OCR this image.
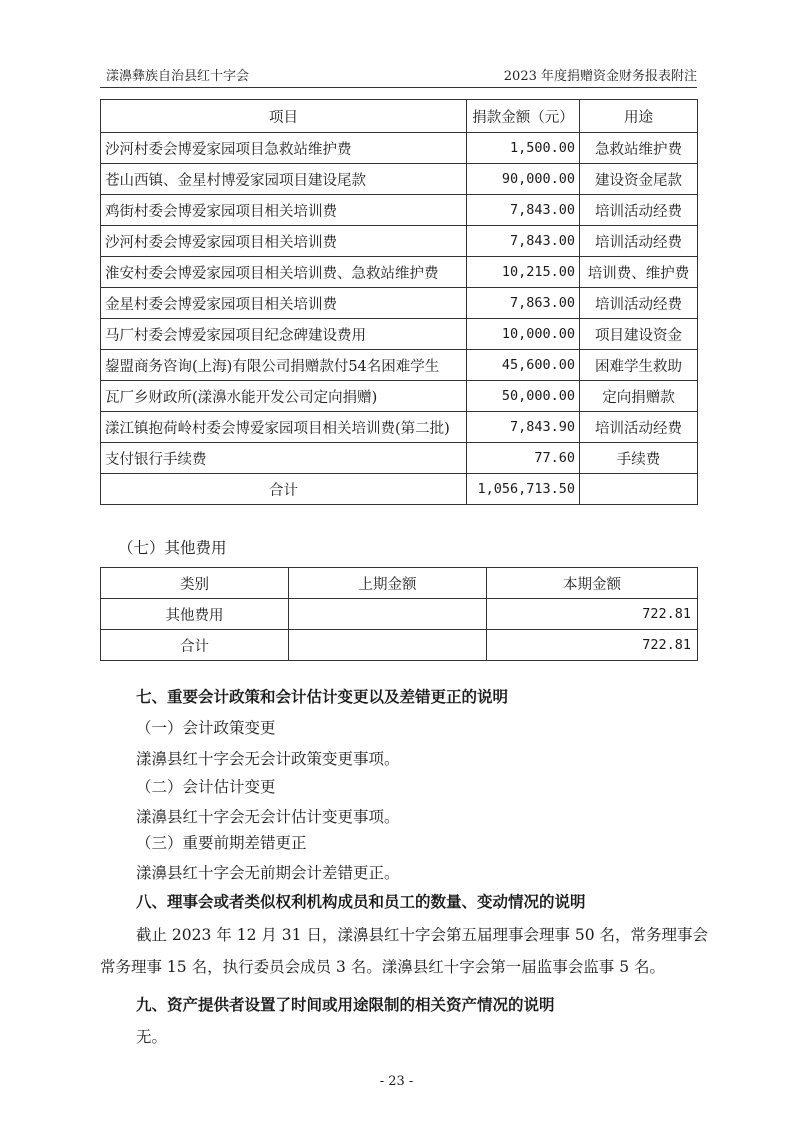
漾濞彝族自治县红十字会	2023 年度捐赠资金财务报表附注
项目	捐款金额（元）	用途
沙河村委会博爱家园项目急救站维护费	1,500.00	急救站维护费
苍山西镇、金星村博爱家园项目建设尾款	90,000.00	建设资金尾款
鸡街村委会博爱家园项目相关培训费	7,843.00	培训活动经费
沙河村委会博爱家园项目相关培训费	7,843.00	培训活动经费
淮安村委会博爱家园项目相关培训费、急救站维护费	10,215.00	培训费、维护费
金星村委会博爱家园项目相关培训费	7,863.00	培训活动经费
马厂村委会博爱家园项目纪念碑建设费用	10,000.00	项目建设资金
鋆盟商务咨询(上海)有限公司捐赠款付54名困难学生	45,600.00	困难学生救助
瓦厂乡财政所(漾濞水能开发公司定向捐赠)	50,000.00	定向捐赠款
漾江镇抱荷岭村委会博爱家园项目相关培训费(第二批)	7,843.90	培训活动经费
支付银行手续费	77.60	手续费
合计	1,056,713.50	
（七）其他费用
类别	上期金额	本期金额
其他费用		722.81
合计		722.81
七、重要会计政策和会计估计变更以及差错更正的说明
（一）会计政策变更
漾濞县红十字会无会计政策变更事项。
（二）会计估计变更
漾濞县红十字会无会计估计变更事项。
（三）重要前期差错更正
漾濞县红十字会无前期会计差错更正。
八、理事会或者类似权利机构成员和员工的数量、变动情况的说明
截止 2023 年 12 月 31 日，漾濞县红十字会第五届理事会理事 50 名，常务理事会
常务理事 15 名，执行委员会成员 3 名。漾濞县红十字会第一届监事会监事 5 名。
九、资产提供者设置了时间或用途限制的相关资产情况的说明
无。
- 23 -
